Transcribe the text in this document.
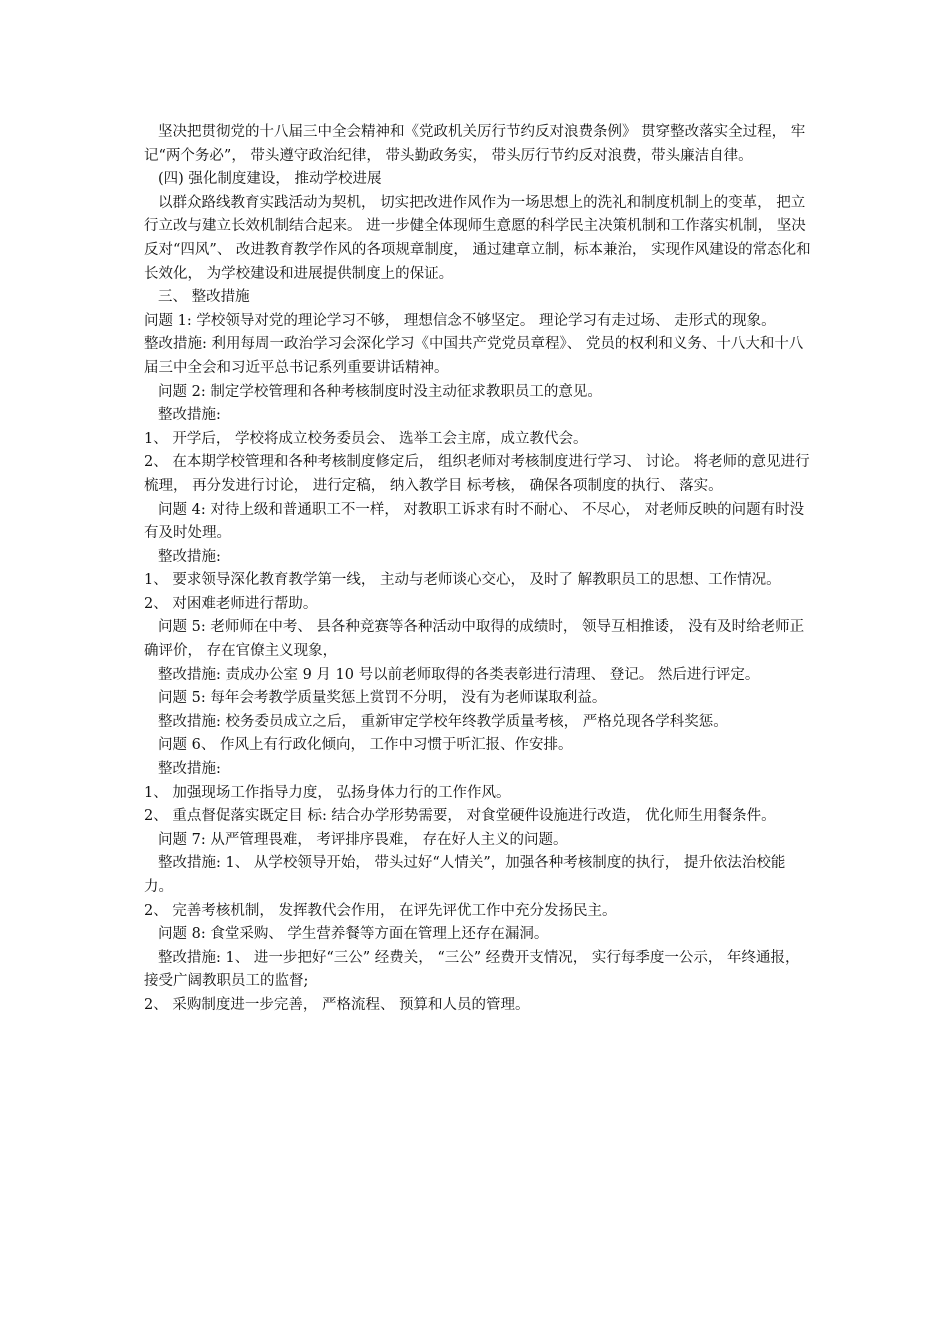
坚决把贯彻党的十八届三中全会精神和《党政机关厉行节约反对浪费条例》 贯穿整改落实全过程， 牢记“两个务必”， 带头遵守政治纪律， 带头勤政务实， 带头厉行节约反对浪费，带头廉洁自律。

(四) 强化制度建设， 推动学校进展

以群众路线教育实践活动为契机， 切实把改进作风作为一场思想上的洗礼和制度机制上的变革， 把立行立改与建立长效机制结合起来。 进一步健全体现师生意愿的科学民主决策机制和工作落实机制， 坚决反对“四风”、 改进教育教学作风的各项规章制度， 通过建章立制，标本兼治， 实现作风建设的常态化和长效化， 为学校建设和进展提供制度上的保证。

三、 整改措施

问题 1: 学校领导对党的理论学习不够， 理想信念不够坚定。 理论学习有走过场、 走形式的现象。

整改措施: 利用每周一政治学习会深化学习《中国共产党党员章程》、 党员的权利和义务、十八大和十八届三中全会和习近平总书记系列重要讲话精神。

问题 2: 制定学校管理和各种考核制度时没主动征求教职员工的意见。

整改措施:

1、 开学后， 学校将成立校务委员会、 选举工会主席，成立教代会。

2、 在本期学校管理和各种考核制度修定后， 组织老师对考核制度进行学习、 讨论。 将老师的意见进行梳理， 再分发进行讨论， 进行定稿， 纳入教学目 标考核， 确保各项制度的执行、 落实。

问题 4: 对待上级和普通职工不一样， 对教职工诉求有时不耐心、 不尽心， 对老师反映的问题有时没有及时处理。

整改措施:

1、 要求领导深化教育教学第一线， 主动与老师谈心交心， 及时了 解教职员工的思想、工作情况。

2、 对困难老师进行帮助。

问题 5: 老师师在中考、 县各种竞赛等各种活动中取得的成绩时， 领导互相推诿， 没有及时给老师正确评价， 存在官僚主义现象，

整改措施: 责成办公室 9 月 10 号以前老师取得的各类表彰进行清理、 登记。 然后进行评定。

问题 5: 每年会考教学质量奖惩上赏罚不分明， 没有为老师谋取利益。

整改措施: 校务委员成立之后， 重新审定学校年终教学质量考核， 严格兑现各学科奖惩。

问题 6、 作风上有行政化倾向， 工作中习惯于听汇报、作安排。

整改措施:

1、 加强现场工作指导力度， 弘扬身体力行的工作作风。

2、 重点督促落实既定目 标: 结合办学形势需要， 对食堂硬件设施进行改造， 优化师生用餐条件。

问题 7: 从严管理畏难， 考评排序畏难， 存在好人主义的问题。

整改措施: 1、 从学校领导开始， 带头过好“人情关”，加强各种考核制度的执行， 提升依法治校能力。

2、 完善考核机制， 发挥教代会作用， 在评先评优工作中充分发扬民主。

问题 8: 食堂采购、 学生营养餐等方面在管理上还存在漏洞。

整改措施: 1、 进一步把好“三公” 经费关， “三公” 经费开支情况， 实行每季度一公示， 年终通报， 接受广阔教职员工的监督;

2、 采购制度进一步完善， 严格流程、 预算和人员的管理。
